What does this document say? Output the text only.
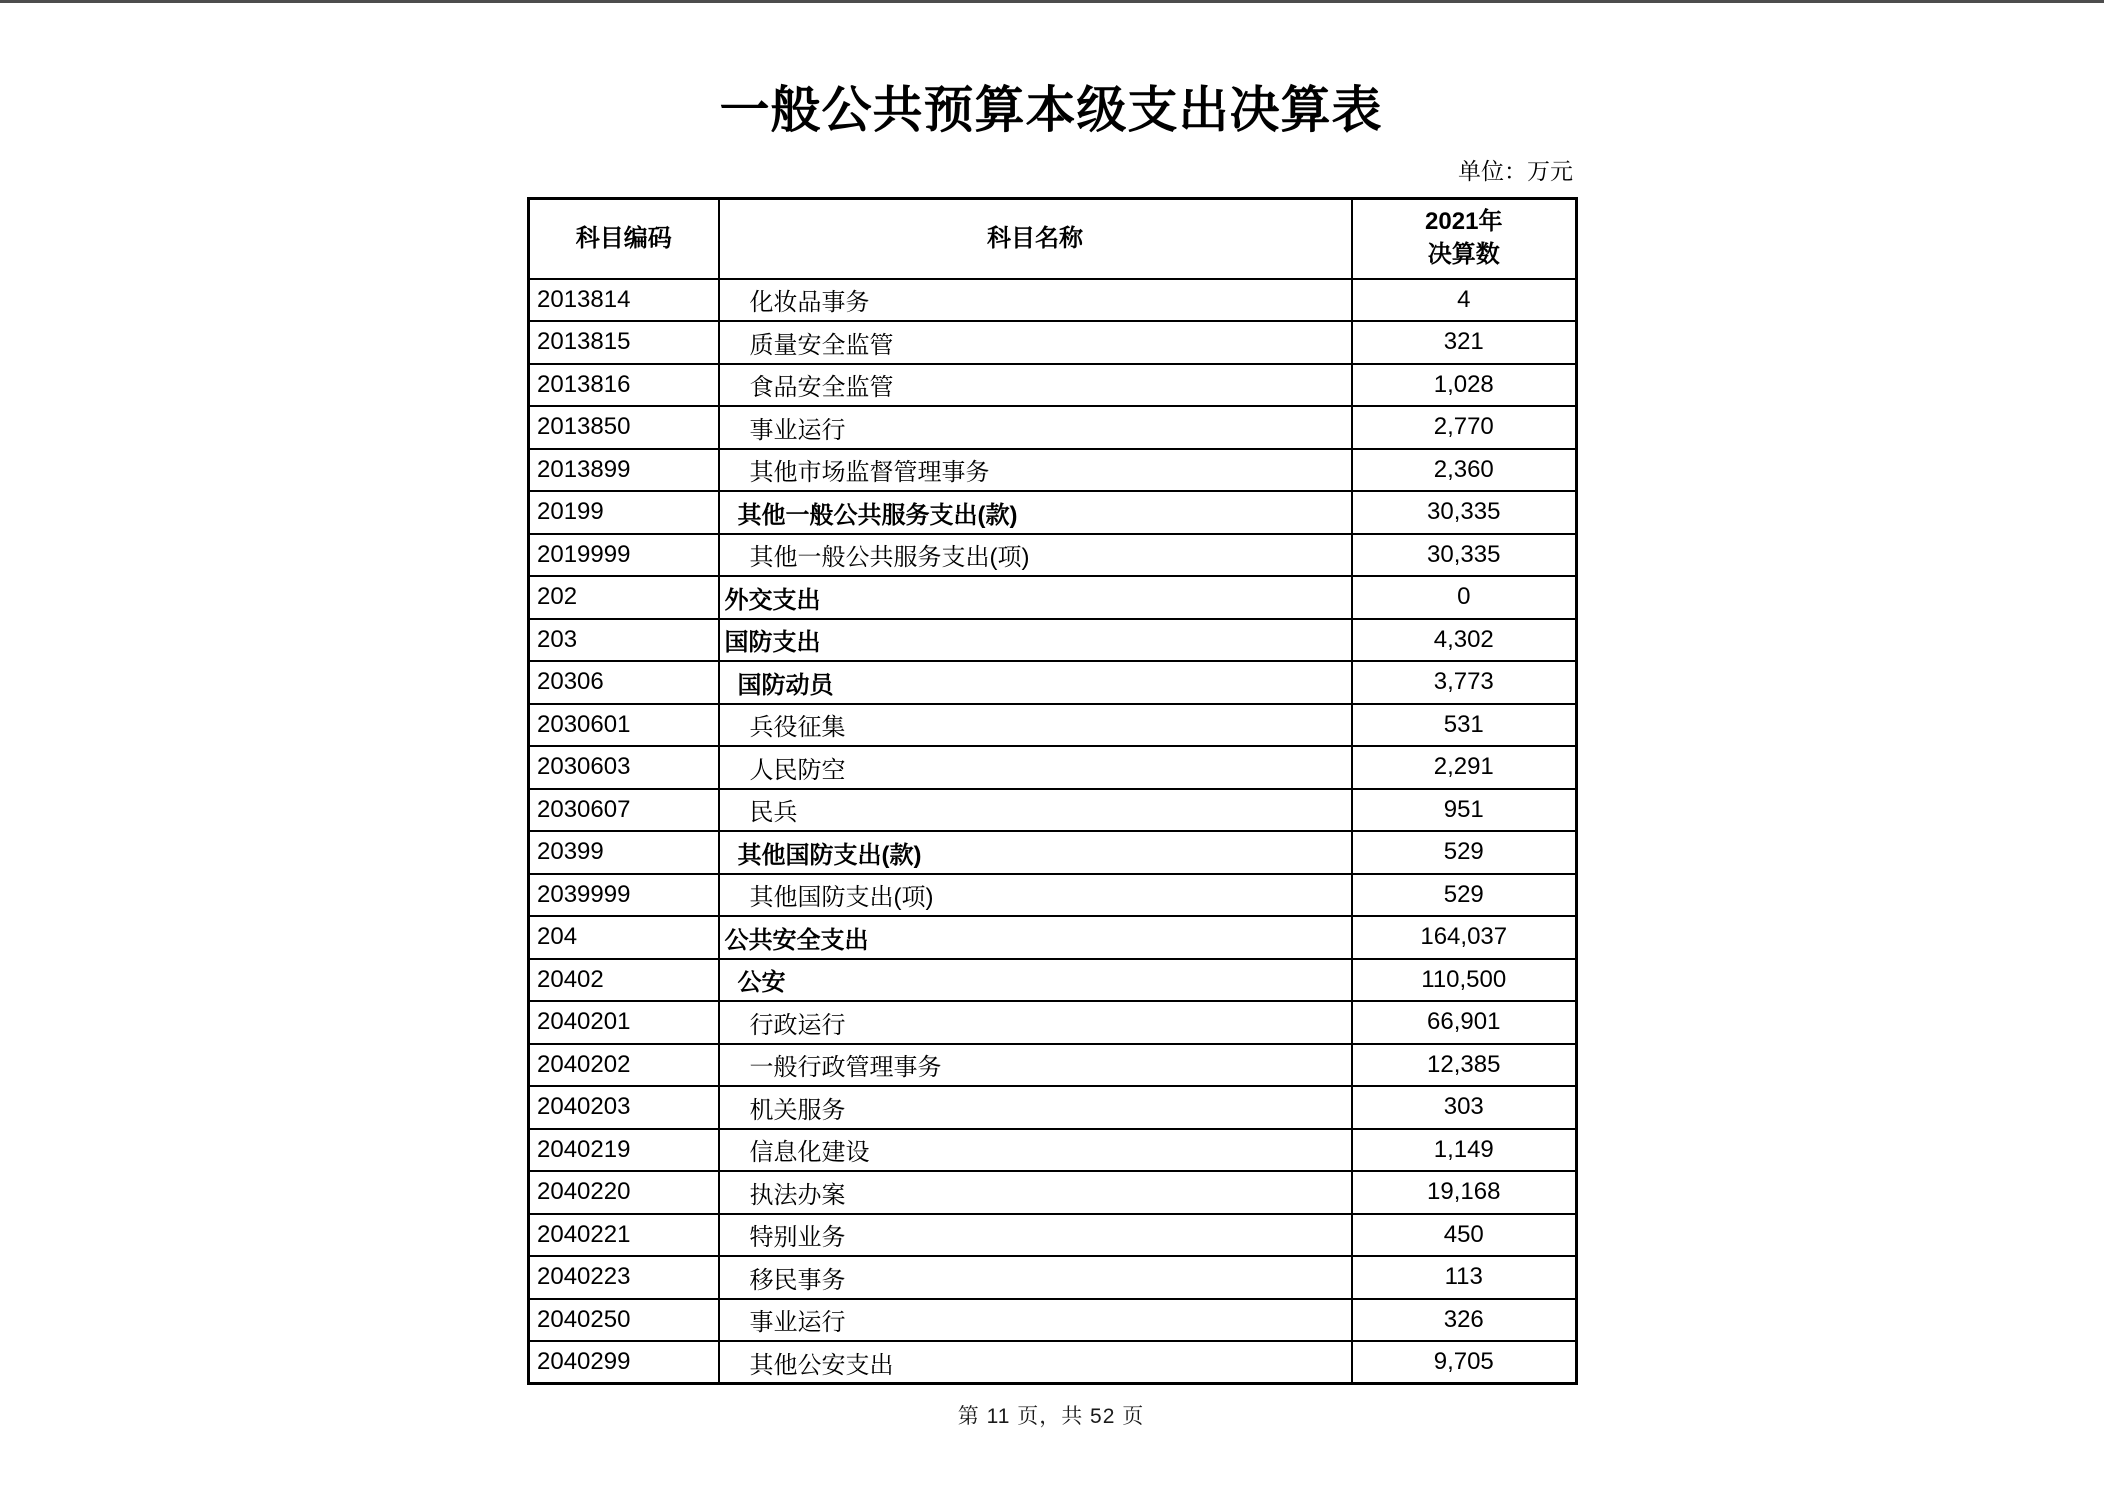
一般公共预算本级支出决算表
单位：万元
科目编码	科目名称	2021年
决算数
2013814	化妆品事务	4
2013815	质量安全监管	321
2013816	食品安全监管	1,028
2013850	事业运行	2,770
2013899	其他市场监督管理事务	2,360
20199	其他一般公共服务支出(款)	30,335
2019999	其他一般公共服务支出(项)	30,335
202	外交支出	0
203	国防支出	4,302
20306	国防动员	3,773
2030601	兵役征集	531
2030603	人民防空	2,291
2030607	民兵	951
20399	其他国防支出(款)	529
2039999	其他国防支出(项)	529
204	公共安全支出	164,037
20402	公安	110,500
2040201	行政运行	66,901
2040202	一般行政管理事务	12,385
2040203	机关服务	303
2040219	信息化建设	1,149
2040220	执法办案	19,168
2040221	特别业务	450
2040223	移民事务	113
2040250	事业运行	326
2040299	其他公安支出	9,705
第 11 页，共 52 页
